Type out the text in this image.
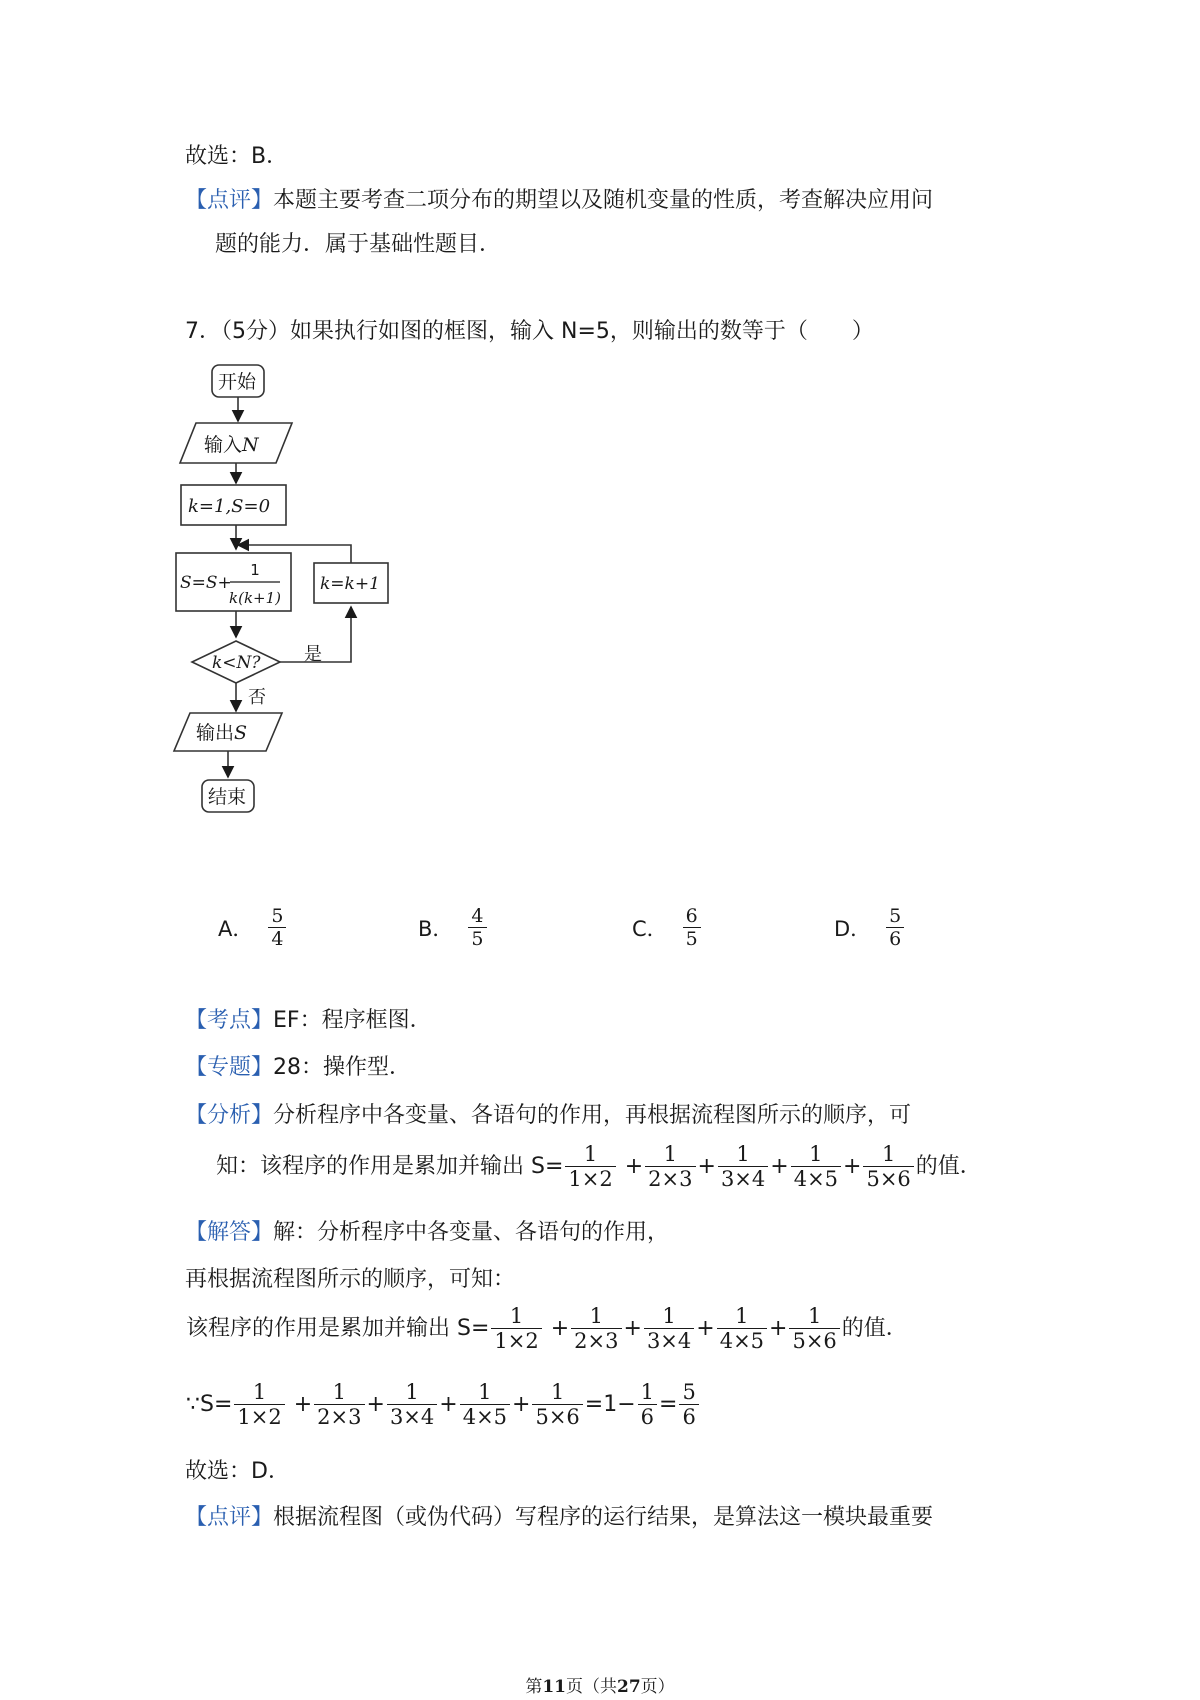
故选：B．
【点评】本题主要考查二项分布的期望以及随机变量的性质，考查解决应用问
题的能力．属于基础性题目．
7．（5分）如果执行如图的框图，输入 N=5，则输出的数等于（　　）
开始
输入N
k=1,S=0
S=S+
1
k(k+1)
k=k+1
k<N? 是
否
输出S
结束
A． $\frac{5}{4}$	B． $\frac{4}{5}$	C． $\frac{6}{5}$	D． $\frac{5}{6}$
【考点】EF：程序框图．
【专题】28：操作型．
【分析】分析程序中各变量、各语句的作用，再根据流程图所示的顺序，可
知：该程序的作用是累加并输出 $S= \frac{1}{1\times 2} + \frac{1}{2\times 3} + \frac{1}{3\times 4} + \frac{1}{4\times 5} + \frac{1}{5\times 6}$ 的值．
【解答】解：分析程序中各变量、各语句的作用，
再根据流程图所示的顺序，可知：
该程序的作用是累加并输出 $S= \frac{1}{1\times 2} + \frac{1}{2\times 3} + \frac{1}{3\times 4} + \frac{1}{4\times 5} + \frac{1}{5\times 6}$ 的值．
∵S= $\frac{1}{1\times 2} + \frac{1}{2\times 3} + \frac{1}{3\times 4} + \frac{1}{4\times 5} + \frac{1}{5\times 6} =1- \frac{1}{6} = \frac{5}{6}$
故选：D．
【点评】根据流程图（或伪代码）写程序的运行结果，是算法这一模块最重要
第11页（共27页）
